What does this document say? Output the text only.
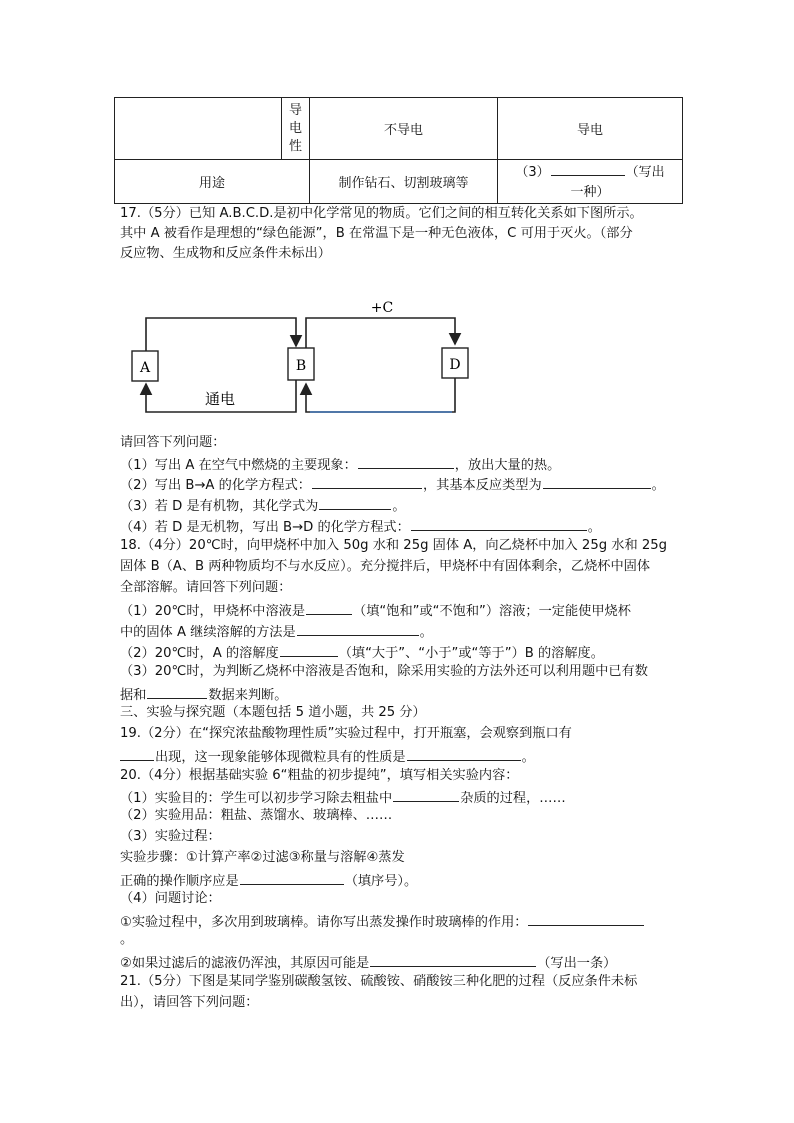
	导电性	不导电	导电
用途		制作钻石、切割玻璃等	（3） （写出
一种）
17.（5分）已知 A.B.C.D.是初中化学常见的物质。它们之间的相互转化关系如下图所示。
其中 A 被看作是理想的“绿色能源”，B 在常温下是一种无色液体，C 可用于灭火。（部分
反应物、生成物和反应条件未标出）
A	B	D
+C
通电
请回答下列问题：
（1）写出 A 在空气中燃烧的主要现象：	，放出大量的热。
（2）写出 B→A 的化学方程式：	，其基本反应类型为	。
（3）若 D 是有机物，其化学式为	。
（4）若 D 是无机物，写出 B→D 的化学方程式：	。
18.（4分）20℃时，向甲烧杯中加入 50g 水和 25g 固体 A，向乙烧杯中加入 25g 水和 25g
固体 B（A、B 两种物质均不与水反应）。充分搅拌后，甲烧杯中有固体剩余，乙烧杯中固体
全部溶解。请回答下列问题：
（1）20℃时，甲烧杯中溶液是	（填“饱和”或“不饱和”）溶液；一定能使甲烧杯
中的固体 A 继续溶解的方法是	。
（2）20℃时，A 的溶解度	（填“大于”、“小于”或“等于”）B 的溶解度。
（3）20℃时，为判断乙烧杯中溶液是否饱和，除采用实验的方法外还可以利用题中已有数
据和	数据来判断。
三、实验与探究题（本题包括 5 道小题，共 25 分）
19.（2分）在“探究浓盐酸物理性质”实验过程中，打开瓶塞，会观察到瓶口有
出现，这一现象能够体现微粒具有的性质是	。
20.（4分）根据基础实验 6“粗盐的初步提纯”，填写相关实验内容：
（1）实验目的：学生可以初步学习除去粗盐中	杂质的过程，……
（2）实验用品：粗盐、蒸馏水、玻璃棒、……
（3）实验过程：
实验步骤：①计算产率②过滤③称量与溶解④蒸发
正确的操作顺序应是	（填序号）。
（4）问题讨论：
①实验过程中，多次用到玻璃棒。请你写出蒸发操作时玻璃棒的作用：
。
②如果过滤后的滤液仍浑浊，其原因可能是	（写出一条）
21.（5分）下图是某同学鉴别碳酸氢铵、硫酸铵、硝酸铵三种化肥的过程（反应条件未标
出），请回答下列问题：
